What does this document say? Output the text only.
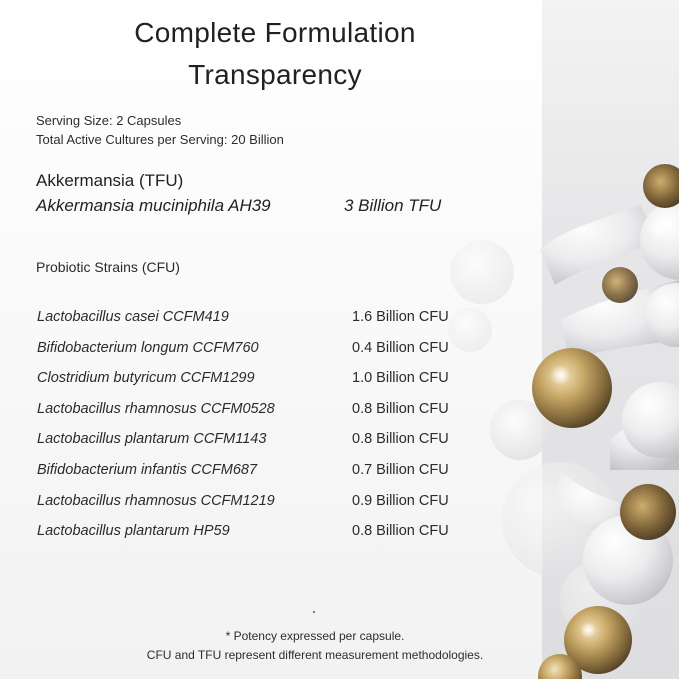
Complete Formulation
Transparency
Serving Size: 2 Capsules
Total Active Cultures per Serving: 20 Billion
Akkermansia (TFU)
Akkermansia muciniphila AH39	3 Billion TFU
Probiotic Strains (CFU)
Lactobacillus casei CCFM419	1.6 Billion CFU
Bifidobacterium longum CCFM760	0.4 Billion CFU
Clostridium butyricum CCFM1299	1.0 Billion CFU
Lactobacillus rhamnosus CCFM0528	0.8 Billion CFU
Lactobacillus plantarum CCFM1143	0.8 Billion CFU
Bifidobacterium infantis CCFM687	0.7 Billion CFU
Lactobacillus rhamnosus CCFM1219	0.9 Billion CFU
Lactobacillus plantarum HP59	0.8 Billion CFU
* Potency expressed per capsule.
CFU and TFU represent different measurement methodologies.
